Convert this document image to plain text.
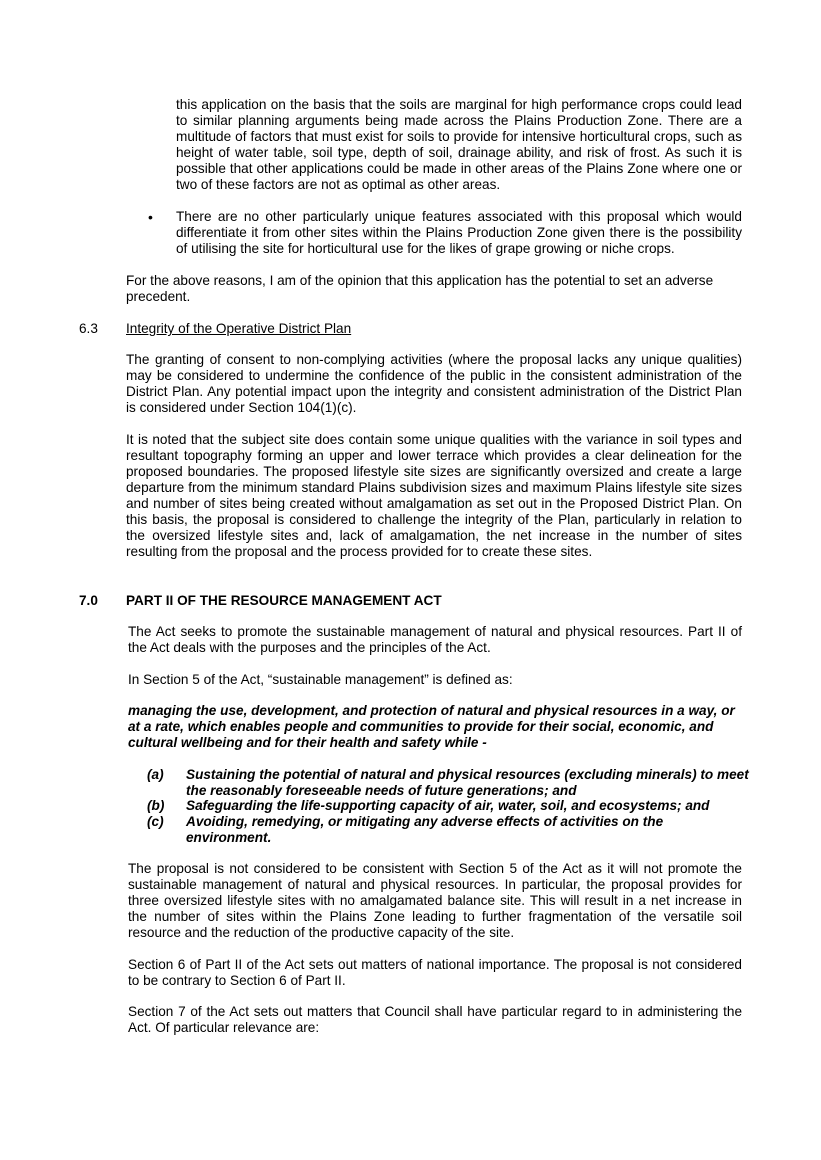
this application on the basis that the soils are marginal for high performance crops could lead to similar planning arguments being made across the Plains Production Zone. There are a multitude of factors that must exist for soils to provide for intensive horticultural crops, such as height of water table, soil type, depth of soil, drainage ability, and risk of frost. As such it is possible that other applications could be made in other areas of the Plains Zone where one or two of these factors are not as optimal as other areas.

• There are no other particularly unique features associated with this proposal which would differentiate it from other sites within the Plains Production Zone given there is the possibility of utilising the site for horticultural use for the likes of grape growing or niche crops.

For the above reasons, I am of the opinion that this application has the potential to set an adverse precedent.

6.3 Integrity of the Operative District Plan

The granting of consent to non-complying activities (where the proposal lacks any unique qualities) may be considered to undermine the confidence of the public in the consistent administration of the District Plan. Any potential impact upon the integrity and consistent administration of the District Plan is considered under Section 104(1)(c).

It is noted that the subject site does contain some unique qualities with the variance in soil types and resultant topography forming an upper and lower terrace which provides a clear delineation for the proposed boundaries. The proposed lifestyle site sizes are significantly oversized and create a large departure from the minimum standard Plains subdivision sizes and maximum Plains lifestyle site sizes and number of sites being created without amalgamation as set out in the Proposed District Plan. On this basis, the proposal is considered to challenge the integrity of the Plan, particularly in relation to the oversized lifestyle sites and, lack of amalgamation, the net increase in the number of sites resulting from the proposal and the process provided for to create these sites.

7.0 PART II OF THE RESOURCE MANAGEMENT ACT

The Act seeks to promote the sustainable management of natural and physical resources. Part II of the Act deals with the purposes and the principles of the Act.

In Section 5 of the Act, “sustainable management” is defined as:

managing the use, development, and protection of natural and physical resources in a way, or at a rate, which enables people and communities to provide for their social, economic, and cultural wellbeing and for their health and safety while -

(a) Sustaining the potential of natural and physical resources (excluding minerals) to meet the reasonably foreseeable needs of future generations; and
(b) Safeguarding the life-supporting capacity of air, water, soil, and ecosystems; and
(c) Avoiding, remedying, or mitigating any adverse effects of activities on the environment.

The proposal is not considered to be consistent with Section 5 of the Act as it will not promote the sustainable management of natural and physical resources. In particular, the proposal provides for three oversized lifestyle sites with no amalgamated balance site. This will result in a net increase in the number of sites within the Plains Zone leading to further fragmentation of the versatile soil resource and the reduction of the productive capacity of the site.

Section 6 of Part II of the Act sets out matters of national importance. The proposal is not considered to be contrary to Section 6 of Part II.

Section 7 of the Act sets out matters that Council shall have particular regard to in administering the Act. Of particular relevance are:
